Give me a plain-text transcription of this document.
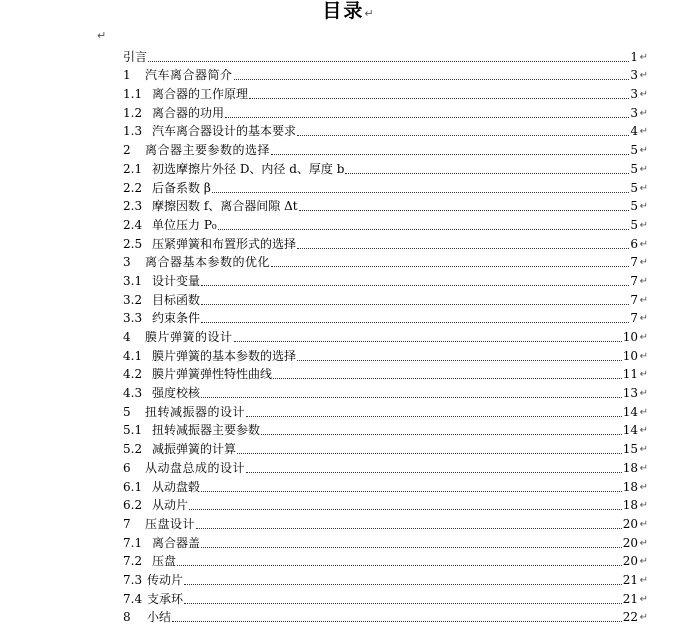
目录↵
↵
引言	1 ↵
1	汽车离合器简介	3 ↵
1.1 离合器的工作原理	3 ↵
1.2 离合器的功用	3 ↵
1.3 汽车离合器设计的基本要求	4 ↵
2	离合器主要参数的选择	5 ↵
2.1 初选摩擦片外径 D、内径 d、厚度 b	5 ↵
2.2 后备系数 β	5 ↵
2.3 摩擦因数 f、离合器间隙 Δt	5 ↵
2.4 单位压力 P₀	5 ↵
2.5 压紧弹簧和布置形式的选择	6 ↵
3	离合器基本参数的优化	7 ↵
3.1 设计变量	7 ↵
3.2 目标函数	7 ↵
3.3 约束条件	7 ↵
4	膜片弹簧的设计	10 ↵
4.1 膜片弹簧的基本参数的选择	10 ↵
4.2 膜片弹簧弹性特性曲线	11 ↵
4.3 强度校核	13 ↵
5	扭转减振器的设计	14 ↵
5.1 扭转减振器主要参数	14 ↵
5.2 减振弹簧的计算	15 ↵
6	从动盘总成的设计	18 ↵
6.1 从动盘毂	18 ↵
6.2 从动片	18 ↵
7	压盘设计	20 ↵
7.1 离合器盖	20 ↵
7.2 压盘	20 ↵
7.3 传动片	21 ↵
7.4 支承环	21 ↵
8	小结	22 ↵
